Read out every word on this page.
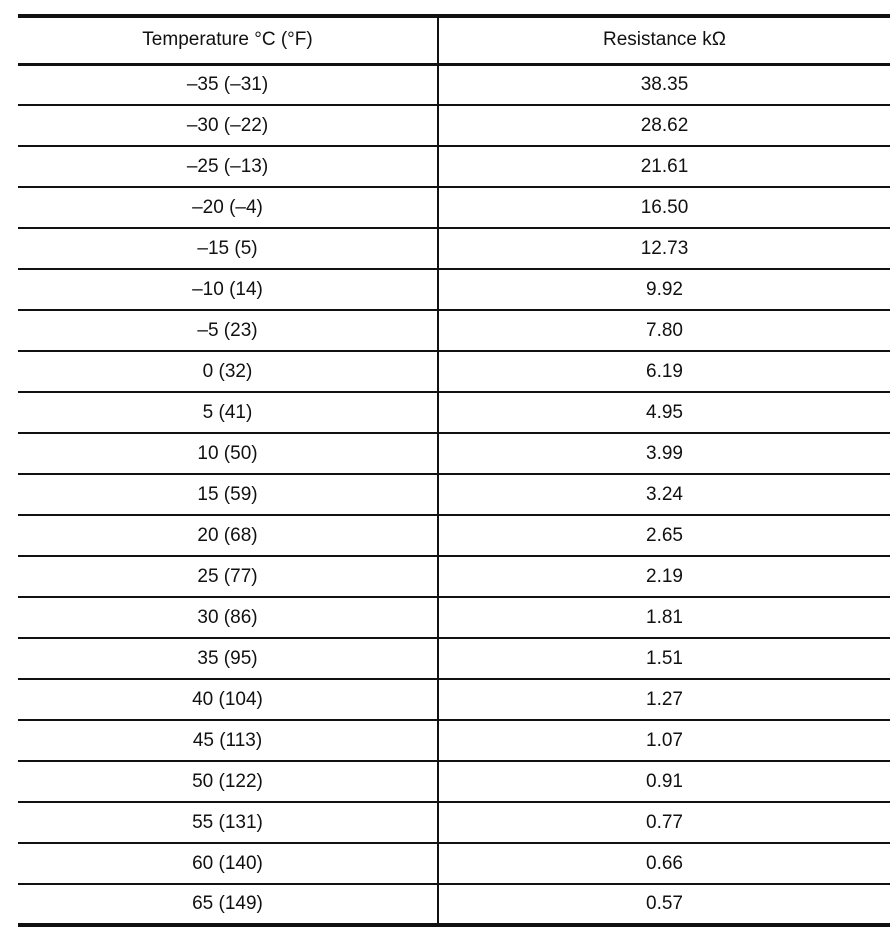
Temperature °C (°F)	Resistance kΩ
–35 (–31)	38.35
–30 (–22)	28.62
–25 (–13)	21.61
–20 (–4)	16.50
–15 (5)	12.73
–10 (14)	9.92
–5 (23)	7.80
0 (32)	6.19
5 (41)	4.95
10 (50)	3.99
15 (59)	3.24
20 (68)	2.65
25 (77)	2.19
30 (86)	1.81
35 (95)	1.51
40 (104)	1.27
45 (113)	1.07
50 (122)	0.91
55 (131)	0.77
60 (140)	0.66
65 (149)	0.57
